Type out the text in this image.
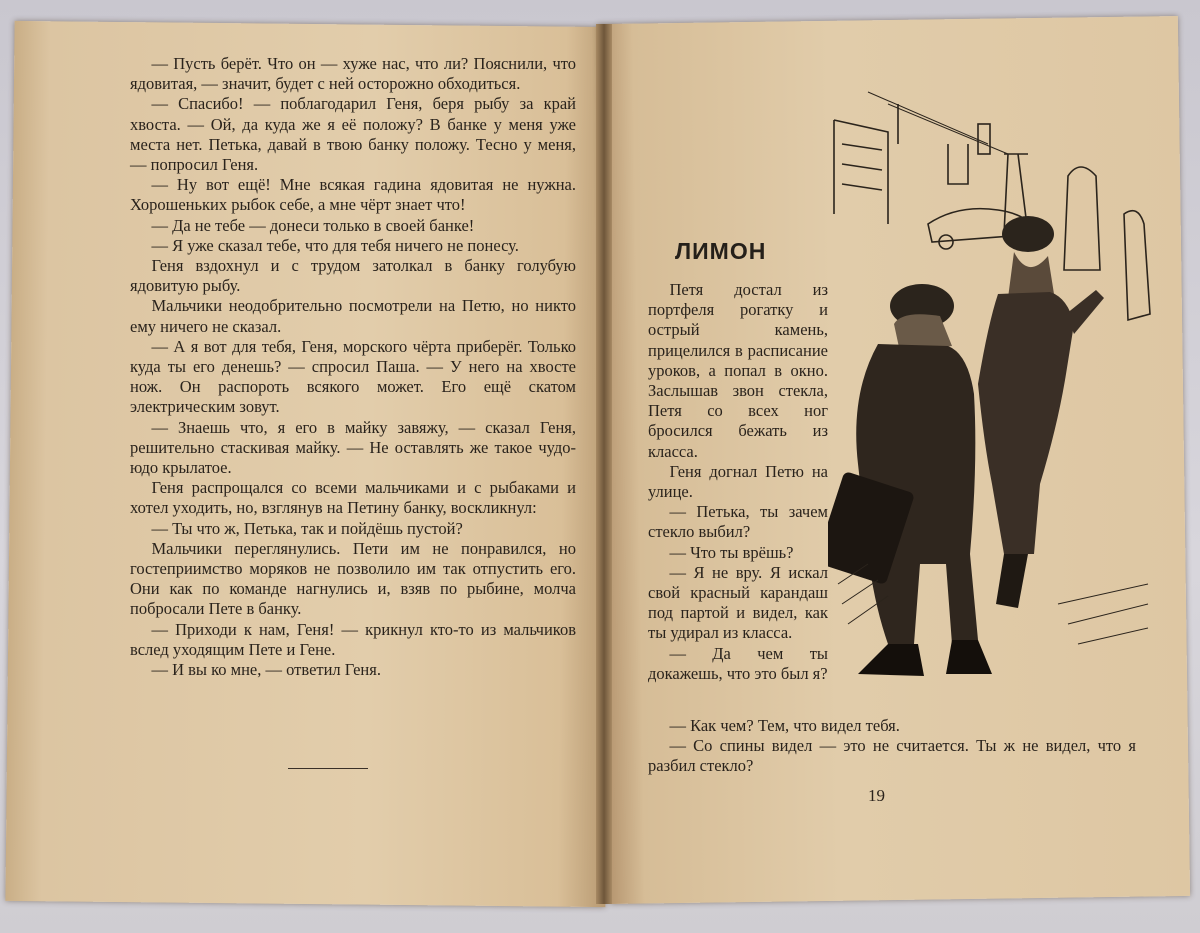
— Пусть берёт. Что он — хуже нас, что ли? Пояснили, что ядовитая, — значит, будет с ней осторожно обходиться.

— Спасибо! — поблагодарил Геня, беря рыбу за край хвоста. — Ой, да куда же я её положу? В банке у меня уже места нет. Петька, давай в твою банку положу. Тесно у меня, — попросил Геня.

— Ну вот ещё! Мне всякая гадина ядовитая не нужна. Хорошеньких рыбок себе, а мне чёрт знает что!

— Да не тебе — донеси только в своей банке!

— Я уже сказал тебе, что для тебя ничего не понесу.

Геня вздохнул и с трудом затолкал в банку голубую ядовитую рыбу.

Мальчики неодобрительно посмотрели на Петю, но никто ему ничего не сказал.

— А я вот для тебя, Геня, морского чёрта приберёг. Только куда ты его денешь? — спросил Паша. — У него на хвосте нож. Он распороть всякого может. Его ещё скатом электрическим зовут.

— Знаешь что, я его в майку завяжу, — сказал Геня, решительно стаскивая майку. — Не оставлять же такое чудо-юдо крылатое.

Геня распрощался со всеми мальчиками и с рыбаками и хотел уходить, но, взглянув на Петину банку, воскликнул:

— Ты что ж, Петька, так и пойдёшь пустой?

Мальчики переглянулись. Пети им не понравился, но гостеприимство моряков не позволило им так отпустить его. Они как по команде нагнулись и, взяв по рыбине, молча побросали Пете в банку.

— Приходи к нам, Геня! — крикнул кто-то из мальчиков вслед уходящим Пете и Гене.

— И вы ко мне, — ответил Геня.

ЛИМОН

Петя достал из портфеля рогатку и острый камень, прицелился в расписание уроков, а попал в окно. Заслышав звон стекла, Петя со всех ног бросился бежать из класса.

Геня догнал Петю на улице.

— Петька, ты зачем стекло выбил?

— Что ты врёшь?

— Я не вру. Я искал свой красный карандаш под партой и видел, как ты удирал из класса.

— Да чем ты докажешь, что это был я?

— Как чем? Тем, что видел тебя.

— Со спины видел — это не считается. Ты ж не видел, что я разбил стекло?

19
